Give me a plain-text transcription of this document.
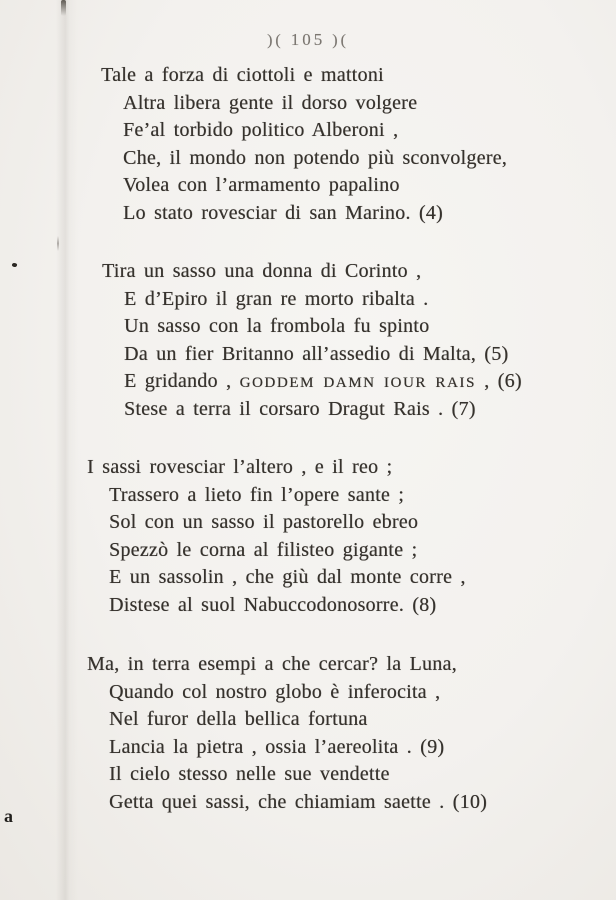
a
)( 105 )(
Tale a forza di ciottoli e mattoni
Altra libera gente il dorso volgere
Fe’al torbido politico Alberoni ,
Che, il mondo non potendo più sconvolgere,
Volea con l’armamento papalino
Lo stato rovesciar di san Marino. (4)
Tira un sasso una donna di Corinto ,
E d’Epiro il gran re morto ribalta .
Un sasso con la frombola fu spinto
Da un fier Britanno all’assedio di Malta, (5)
E gridando , GODDEM DAMN IOUR RAIS , (6)
Stese a terra il corsaro Dragut Rais . (7)
I sassi rovesciar l’altero , e il reo ;
Trassero a lieto fin l’opere sante ;
Sol con un sasso il pastorello ebreo
Spezzò le corna al filisteo gigante ;
E un sassolin , che giù dal monte corre ,
Distese al suol Nabuccodonosorre. (8)
Ma, in terra esempi a che cercar? la Luna,
Quando col nostro globo è inferocita ,
Nel furor della bellica fortuna
Lancia la pietra , ossia l’aereolita . (9)
Il cielo stesso nelle sue vendette
Getta quei sassi, che chiamiam saette . (10)
